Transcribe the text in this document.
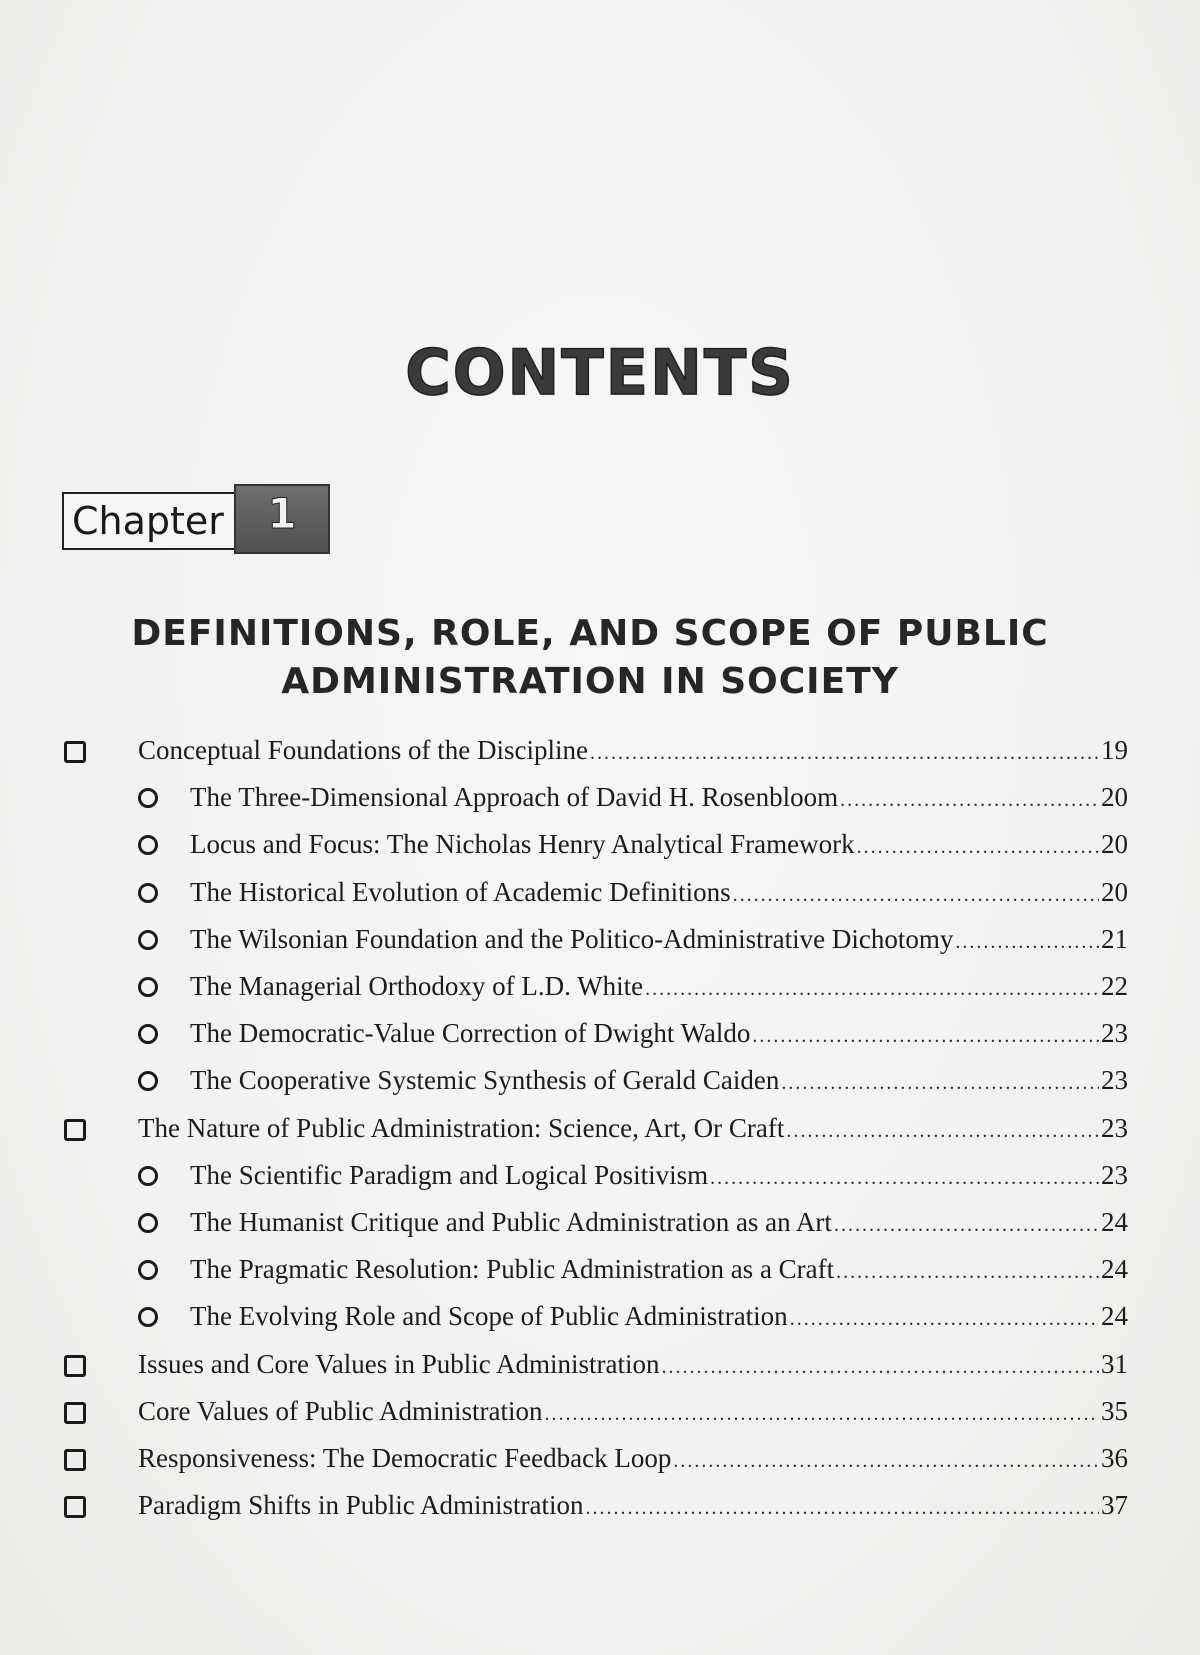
CONTENTS
Chapter	1
DEFINITIONS, ROLE, AND SCOPE OF PUBLIC
ADMINISTRATION IN SOCIETY
Conceptual Foundations of the Discipline .....	19
The Three-Dimensional Approach of David H. Rosenbloom .....	20
Locus and Focus: The Nicholas Henry Analytical Framework .....	20
The Historical Evolution of Academic Definitions .....	20
The Wilsonian Foundation and the Politico-Administrative Dichotomy .....	21
The Managerial Orthodoxy of L.D. White .....	22
The Democratic-Value Correction of Dwight Waldo .....	23
The Cooperative Systemic Synthesis of Gerald Caiden .....	23
The Nature of Public Administration: Science, Art, Or Craft .....	23
The Scientific Paradigm and Logical Positivism .....	23
The Humanist Critique and Public Administration as an Art .....	24
The Pragmatic Resolution: Public Administration as a Craft .....	24
The Evolving Role and Scope of Public Administration .....	24
Issues and Core Values in Public Administration .....	31
Core Values of Public Administration .....	35
Responsiveness: The Democratic Feedback Loop .....	36
Paradigm Shifts in Public Administration .....	37
